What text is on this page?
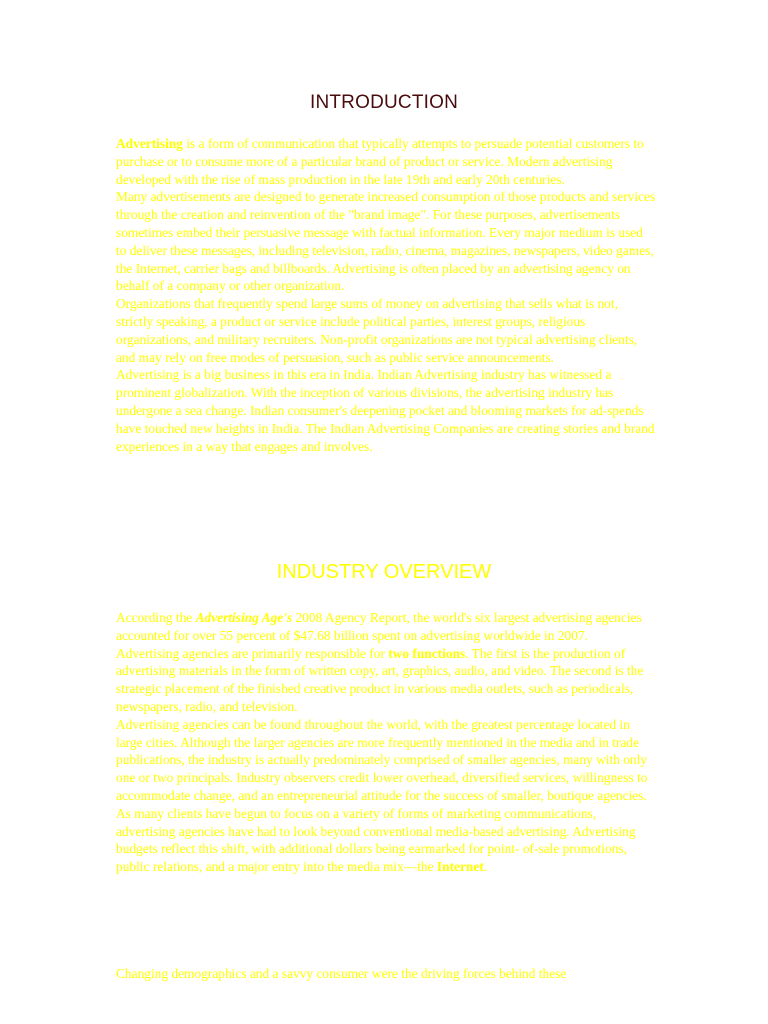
INTRODUCTION

Advertising is a form of communication that typically attempts to persuade potential customers to purchase or to consume more of a particular brand of product or service. Modern advertising developed with the rise of mass production in the late 19th and early 20th centuries.

Many advertisements are designed to generate increased consumption of those products and services through the creation and reinvention of the "brand image". For these purposes, advertisements sometimes embed their persuasive message with factual information. Every major medium is used to deliver these messages, including television, radio, cinema, magazines, newspapers, video games, the Internet, carrier bags and billboards. Advertising is often placed by an advertising agency on behalf of a company or other organization.

Organizations that frequently spend large sums of money on advertising that sells what is not, strictly speaking, a product or service include political parties, interest groups, religious organizations, and military recruiters. Non-profit organizations are not typical advertising clients, and may rely on free modes of persuasion, such as public service announcements.

Advertising is a big business in this era in India. Indian Advertising industry has witnessed a prominent globalization. With the inception of various divisions, the advertising industry has undergone a sea change. Indian consumer's deepening pocket and blooming markets for ad-spends have touched new heights in India. The Indian Advertising Companies are creating stories and brand experiences in a way that engages and involves.

INDUSTRY OVERVIEW

According the Advertising Age's 2008 Agency Report, the world's six largest advertising agencies accounted for over 55 percent of $47.68 billion spent on advertising worldwide in 2007.

Advertising agencies are primarily responsible for two functions. The first is the production of advertising materials in the form of written copy, art, graphics, audio, and video. The second is the strategic placement of the finished creative product in various media outlets, such as periodicals, newspapers, radio, and television.

Advertising agencies can be found throughout the world, with the greatest percentage located in large cities. Although the larger agencies are more frequently mentioned in the media and in trade publications, the industry is actually predominately comprised of smaller agencies, many with only one or two principals. Industry observers credit lower overhead, diversified services, willingness to accommodate change, and an entrepreneurial attitude for the success of smaller, boutique agencies.

As many clients have begun to focus on a variety of forms of marketing communications, advertising agencies have had to look beyond conventional media-based advertising. Advertising budgets reflect this shift, with additional dollars being earmarked for point- of-sale promotions, public relations, and a major entry into the media mix—the Internet.

Changing demographics and a savvy consumer were the driving forces behind these
